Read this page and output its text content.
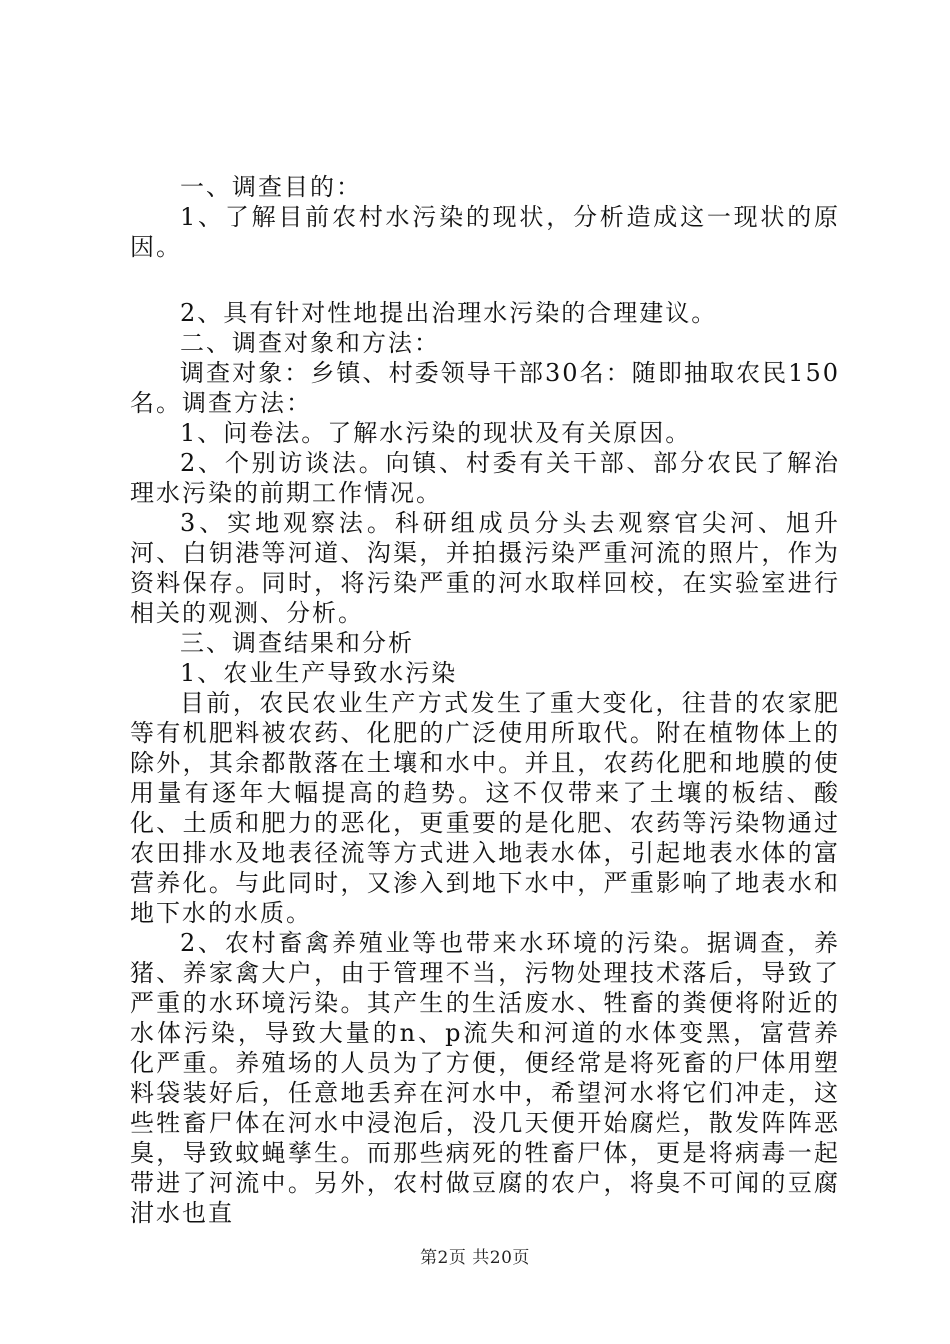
一、调查目的：

1、了解目前农村水污染的现状，分析造成这一现状的原因。

2、具有针对性地提出治理水污染的合理建议。

二、调查对象和方法：

调查对象：乡镇、村委领导干部30名：随即抽取农民150名。调查方法：

1、问卷法。了解水污染的现状及有关原因。

2、个别访谈法。向镇、村委有关干部、部分农民了解治理水污染的前期工作情况。

3、实地观察法。科研组成员分头去观察官尖河、旭升河、白钥港等河道、沟渠，并拍摄污染严重河流的照片，作为资料保存。同时，将污染严重的河水取样回校，在实验室进行相关的观测、分析。

三、调查结果和分析

1、农业生产导致水污染

目前，农民农业生产方式发生了重大变化，往昔的农家肥等有机肥料被农药、化肥的广泛使用所取代。附在植物体上的除外，其余都散落在土壤和水中。并且，农药化肥和地膜的使用量有逐年大幅提高的趋势。这不仅带来了土壤的板结、酸化、土质和肥力的恶化，更重要的是化肥、农药等污染物通过农田排水及地表径流等方式进入地表水体，引起地表水体的富营养化。与此同时，又渗入到地下水中，严重影响了地表水和地下水的水质。

2、农村畜禽养殖业等也带来水环境的污染。据调查，养猪、养家禽大户，由于管理不当，污物处理技术落后，导致了严重的水环境污染。其产生的生活废水、牲畜的粪便将附近的水体污染，导致大量的n、p流失和河道的水体变黑，富营养化严重。养殖场的人员为了方便，便经常是将死畜的尸体用塑料袋装好后，任意地丢弃在河水中，希望河水将它们冲走，这些牲畜尸体在河水中浸泡后，没几天便开始腐烂，散发阵阵恶臭，导致蚊蝇孳生。而那些病死的牲畜尸体，更是将病毒一起带进了河流中。另外，农村做豆腐的农户，将臭不可闻的豆腐泔水也直

第2页 共20页
